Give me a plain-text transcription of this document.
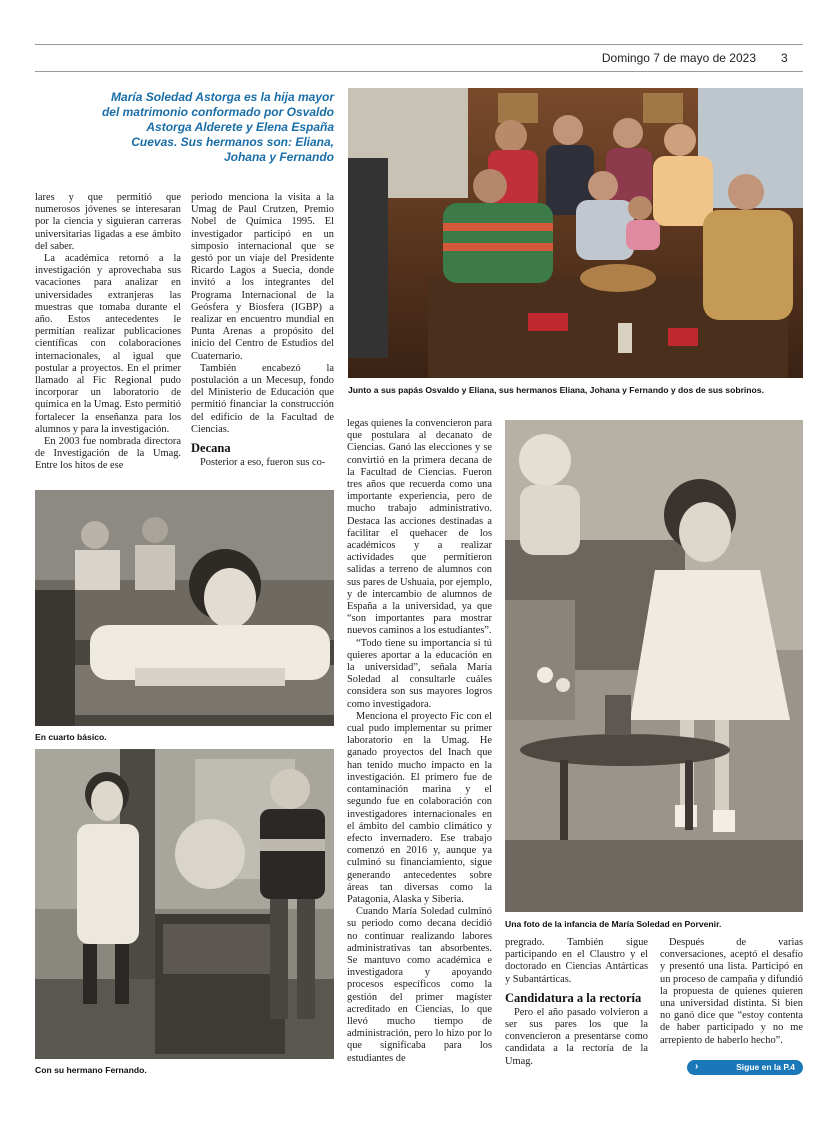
Domingo 7 de mayo de 2023 3
María Soledad Astorga es la hija mayor del matrimonio conformado por Osvaldo Astorga Alderete y Elena España Cuevas. Sus hermanos son: Eliana, Johana y Fernando
Junto a sus papás Osvaldo y Eliana, sus hermanos Eliana, Johana y Fernando y dos de sus sobrinos.

lares y que permitió que numerosos jóvenes se interesaran por la ciencia y siguieran carreras universitarias ligadas a ese ámbito del saber.

La académica retornó a la investigación y aprovechaba sus vacaciones para analizar en universidades extranjeras las muestras que tomaba durante el año. Estos antecedentes le permitían realizar publicaciones científicas con colaboraciones internacionales, al igual que postular a proyectos. En el primer llamado al Fic Regional pudo incorporar un laboratorio de química en la Umag. Esto permitió fortalecer la enseñanza para los alumnos y para la investigación.

En 2003 fue nombrada directora de Investigación de la Umag. Entre los hitos de ese

periodo menciona la visita a la Umag de Paul Crutzen, Premio Nobel de Química 1995. El investigador participó en un simposio internacional que se gestó por un viaje del Presidente Ricardo Lagos a Suecia, donde invitó a los integrantes del Programa Internacional de la Geósfera y Biosfera (IGBP) a realizar en encuentro mundial en Punta Arenas a propósito del inicio del Centro de Estudios del Cuaternario.

También encabezó la postulación a un Mecesup, fondo del Ministerio de Educación que permitió financiar la construcción del edificio de la Facultad de Ciencias.

Decana

Posterior a eso, fueron sus co-

En cuarto básico.
Con su hermano Fernando.

legas quienes la convencieron para que postulara al decanato de Ciencias. Ganó las elecciones y se convirtió en la primera decana de la Facultad de Ciencias. Fueron tres años que recuerda como una importante experiencia, pero de mucho trabajo administrativo. Destaca las acciones destinadas a facilitar el quehacer de los académicos y a realizar actividades que permitieron salidas a terreno de alumnos con sus pares de Ushuaia, por ejemplo, y de intercambio de alumnos de España a la universidad, ya que “son importantes para mostrar nuevos caminos a los estudiantes”.

“Todo tiene su importancia si tú quieres aportar a la educación en la universidad”, señala María Soledad al consultarle cuáles considera son sus mayores logros como investigadora.

Menciona el proyecto Fic con el cual pudo implementar su primer laboratorio en la Umag. He ganado proyectos del Inach que han tenido mucho impacto en la investigación. El primero fue de contaminación marina y el segundo fue en colaboración con investigadores internacionales en el ámbito del cambio climático y efecto invernadero. Ese trabajo comenzó en 2016 y, aunque ya culminó su financiamiento, sigue generando antecedentes sobre áreas tan diversas como la Patagonia, Alaska y Siberia.

Cuando María Soledad culminó su periodo como decana decidió no continuar realizando labores administrativas tan absorbentes. Se mantuvo como académica e investigadora y apoyando procesos específicos como la gestión del primer magíster acreditado en Ciencias, lo que llevó mucho tiempo de administración, pero lo hizo por lo que significaba para los estudiantes de

Una foto de la infancia de María Soledad en Porvenir.

pregrado. También sigue participando en el Claustro y el doctorado en Ciencias Antárticas y Subantárticas.

Candidatura a la rectoría

Pero el año pasado volvieron a ser sus pares los que la convencieron a presentarse como candidata a la rectoría de la Umag.

Después de varias conversaciones, aceptó el desafío y presentó una lista. Participó en un proceso de campaña y difundió la propuesta de quienes quieren una universidad distinta. Si bien no ganó dice que “estoy contenta de haber participado y no me arrepiento de haberlo hecho”.

›	Sigue en la P.4
